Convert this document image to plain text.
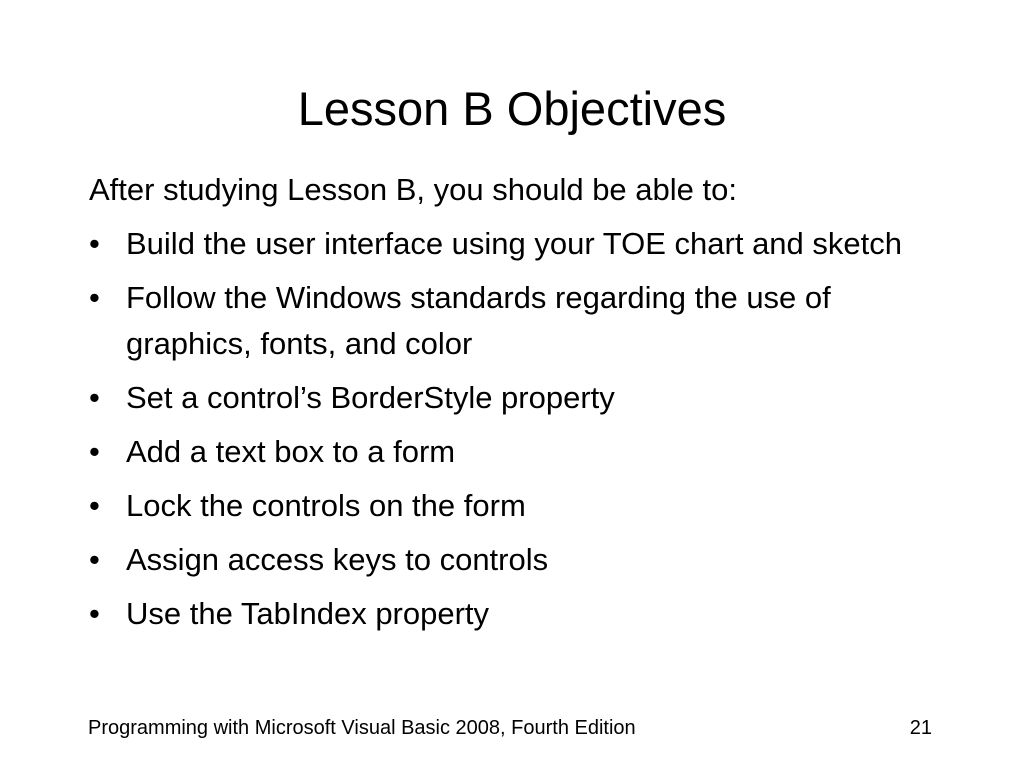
Lesson B Objectives

After studying Lesson B, you should be able to:

• Build the user interface using your TOE chart and sketch
• Follow the Windows standards regarding the use of graphics, fonts, and color
• Set a control’s BorderStyle property
• Add a text box to a form
• Lock the controls on the form
• Assign access keys to controls
• Use the TabIndex property
Programming with Microsoft Visual Basic 2008, Fourth Edition	21
